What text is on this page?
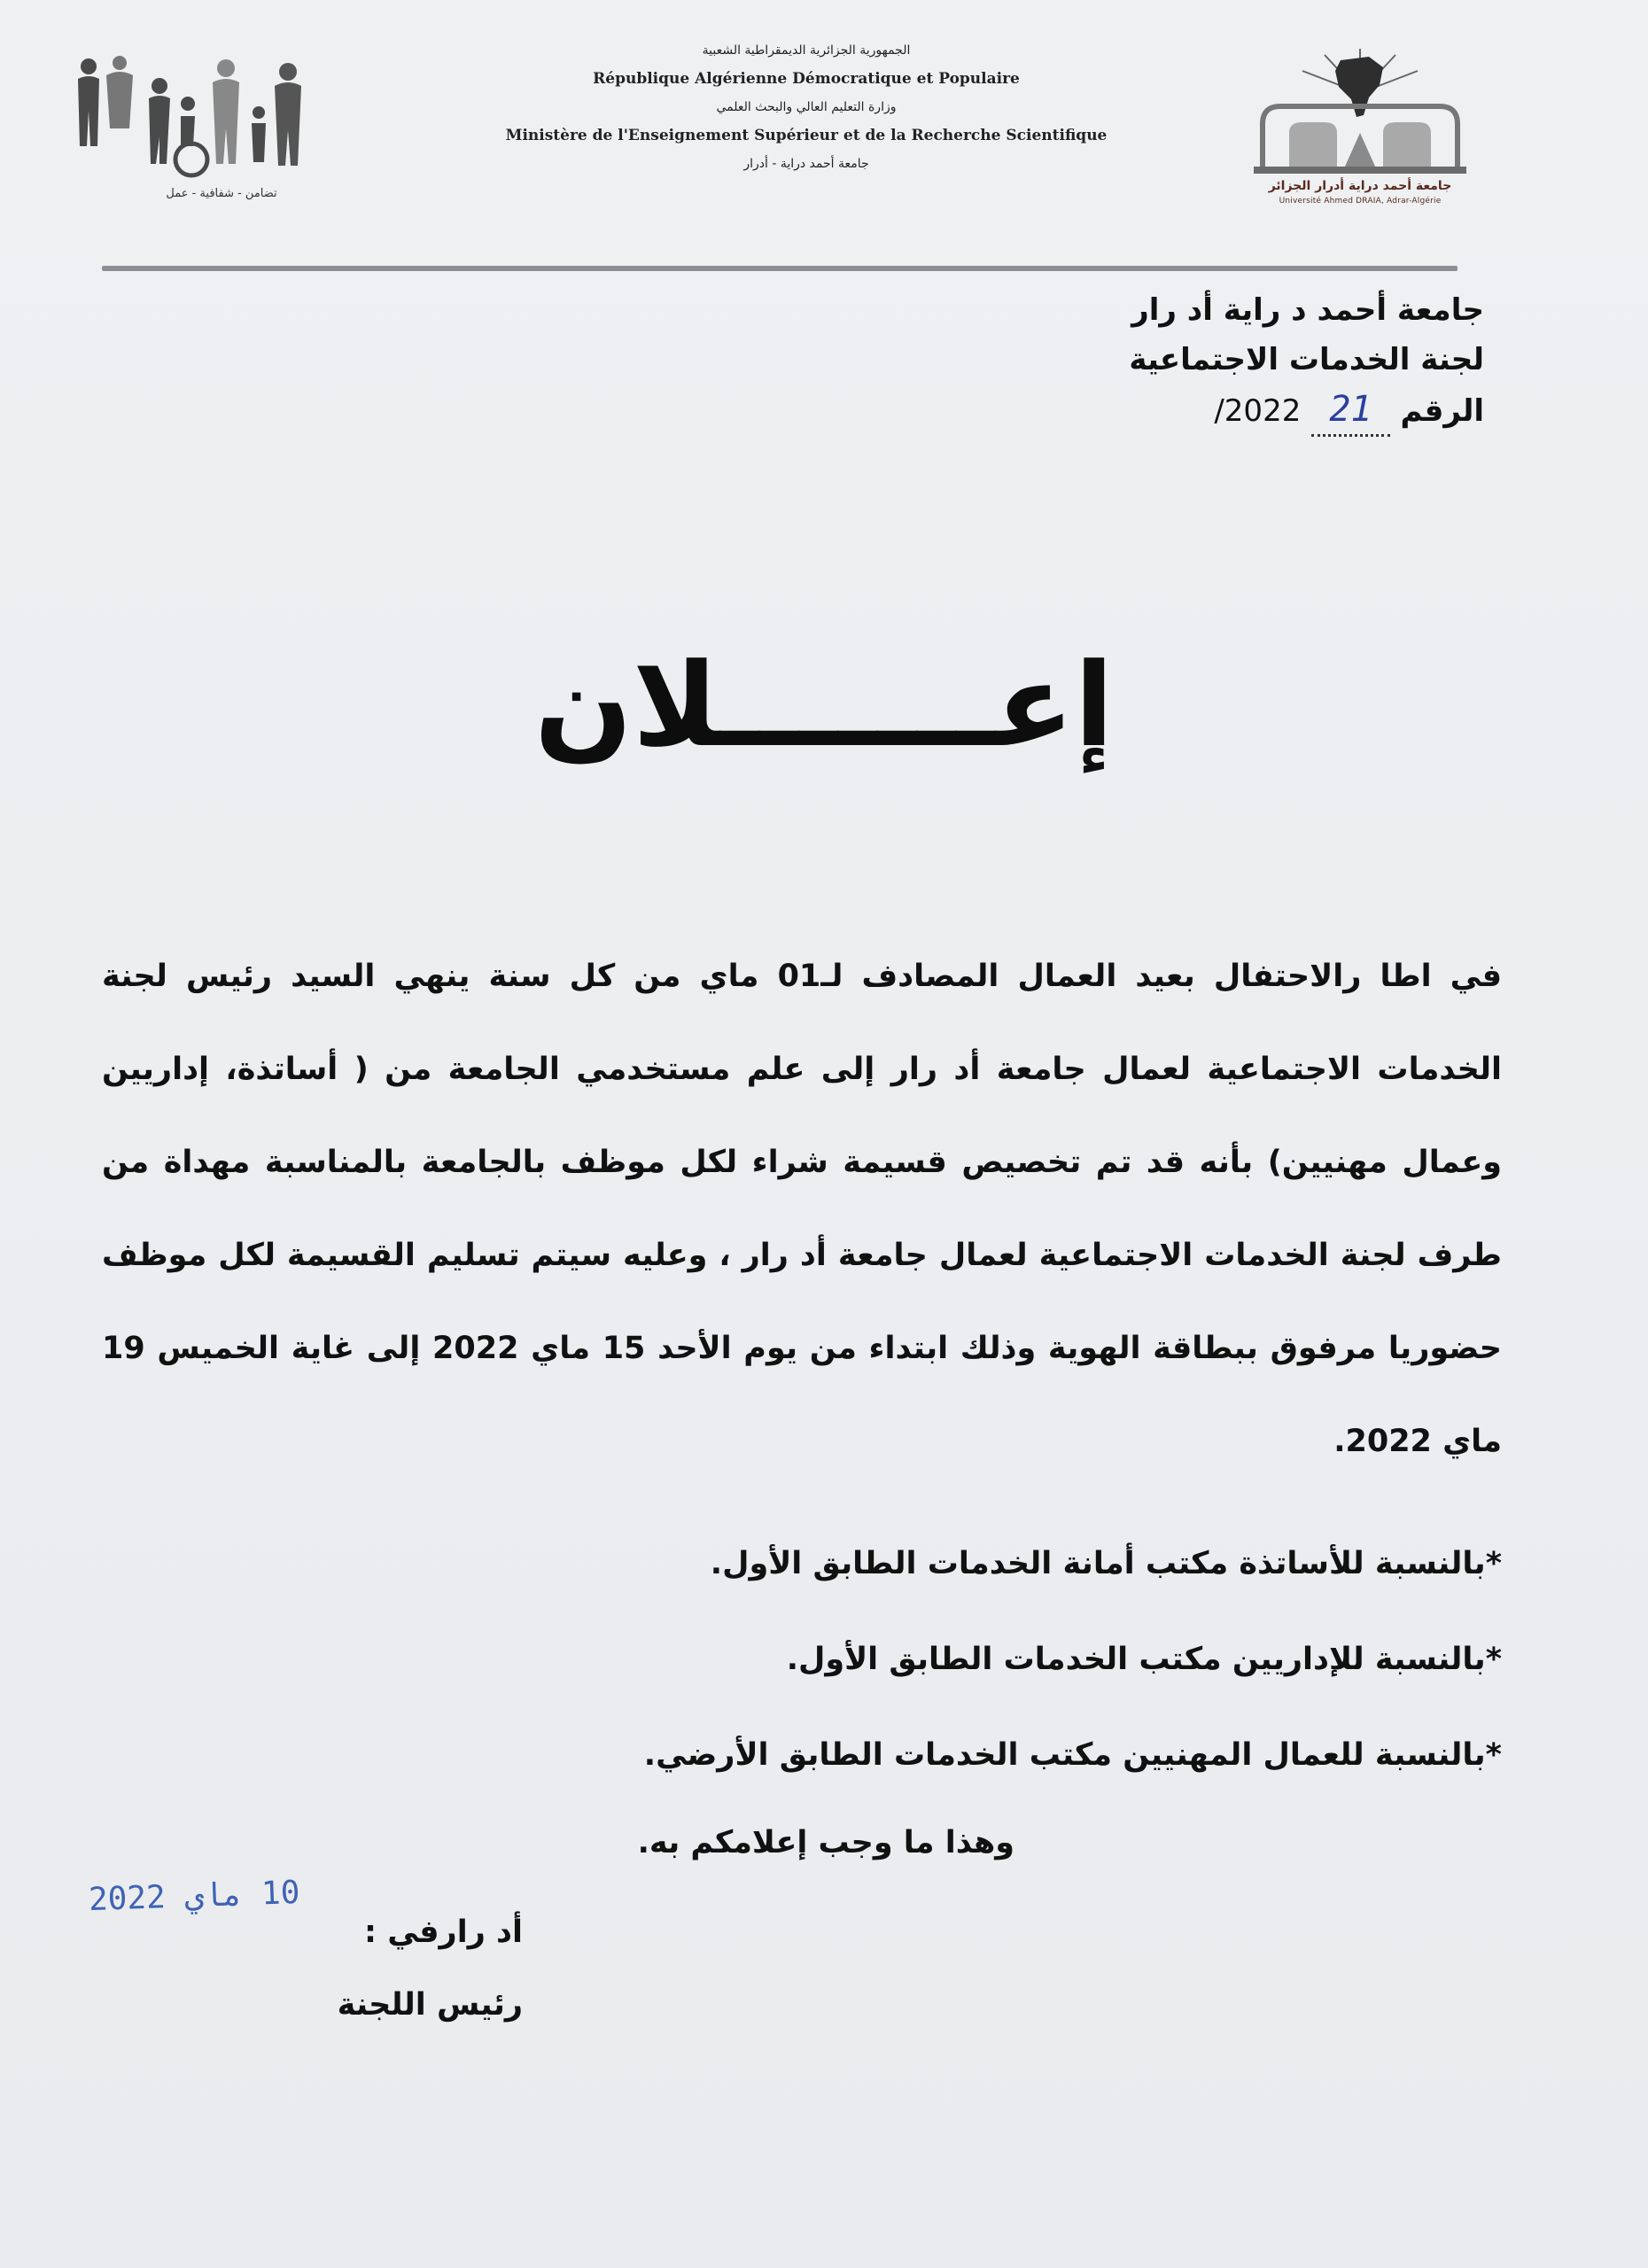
تضامن - شفافية - عمل
الجمهورية الجزائرية الديمقراطية الشعبية
République Algérienne Démocratique et Populaire
وزارة التعليم العالي والبحث العلمي
Ministère de l'Enseignement Supérieur et de la Recherche Scientifique
جامعة أحمد دراية - أدرار
جامعة أحمد دراية أدرار الجزائر
Université Ahmed DRAIA, Adrar-Algérie
جامعة أحمد د راية أد رار
لجنة الخدمات الاجتماعية
الرقم
21
/2022
إعـــــــلان
في اطا رالاحتفال بعيد العمال المصادف لـ01 ماي من كل سنة ينهي السيد رئيس لجنة الخدمات الاجتماعية لعمال جامعة أد رار إلى علم مستخدمي الجامعة من ( أساتذة، إداريين وعمال مهنيين) بأنه قد تم تخصيص قسيمة شراء لكل موظف بالجامعة بالمناسبة مهداة من طرف لجنة الخدمات الاجتماعية لعمال جامعة أد رار ، وعليه سيتم تسليم القسيمة لكل موظف حضوريا مرفوق ببطاقة الهوية وذلك ابتداء من يوم الأحد 15 ماي 2022 إلى غاية الخميس 19 ماي 2022.
*بالنسبة للأساتذة مكتب أمانة الخدمات الطابق الأول.
*بالنسبة للإداريين مكتب الخدمات الطابق الأول.
*بالنسبة للعمال المهنيين مكتب الخدمات الطابق الأرضي.
وهذا ما وجب إعلامكم به.
10 ماي 2022
أد رارفي :
رئيس اللجنة
